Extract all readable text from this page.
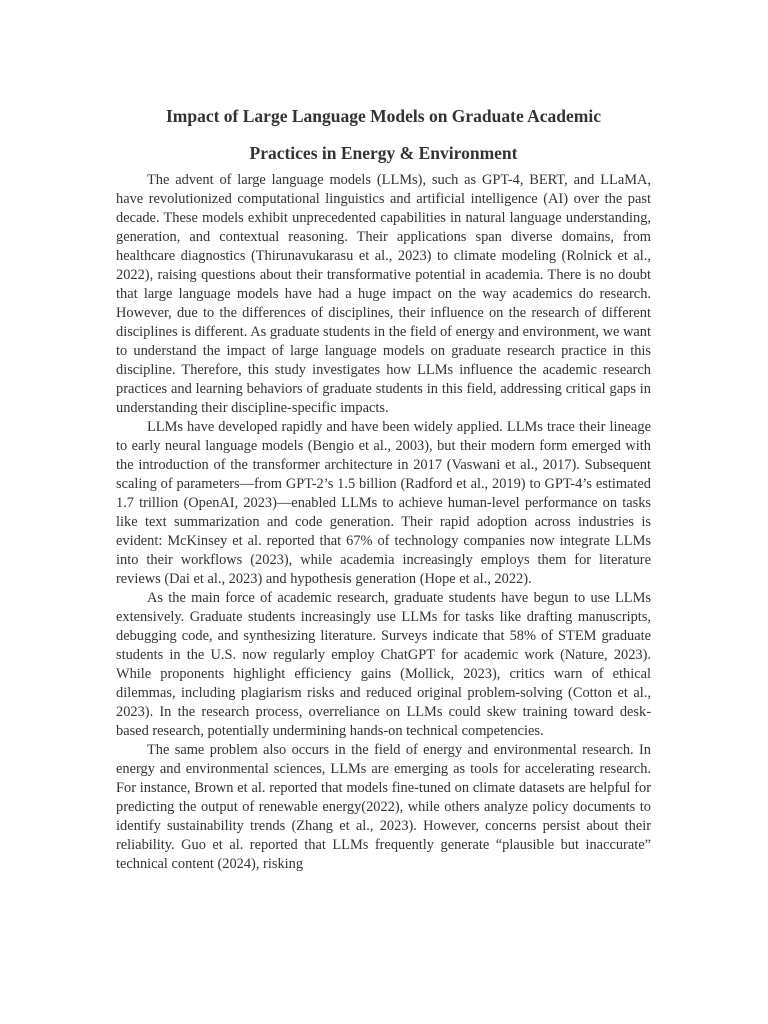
Impact of Large Language Models on Graduate Academic
Practices in Energy & Environment

The advent of large language models (LLMs), such as GPT-4, BERT, and LLaMA, have revolutionized computational linguistics and artificial intelligence (AI) over the past decade. These models exhibit unprecedented capabilities in natural language understanding, generation, and contextual reasoning. Their applications span diverse domains, from healthcare diagnostics (Thirunavukarasu et al., 2023) to climate modeling (Rolnick et al., 2022), raising questions about their transformative potential in academia. There is no doubt that large language models have had a huge impact on the way academics do research. However, due to the differences of disciplines, their influence on the research of different disciplines is different. As graduate students in the field of energy and environment, we want to understand the impact of large language models on graduate research practice in this discipline. Therefore, this study investigates how LLMs influence the academic research practices and learning behaviors of graduate students in this field, addressing critical gaps in understanding their discipline-specific impacts.

LLMs have developed rapidly and have been widely applied. LLMs trace their lineage to early neural language models (Bengio et al., 2003), but their modern form emerged with the introduction of the transformer architecture in 2017 (Vaswani et al., 2017). Subsequent scaling of parameters—from GPT-2’s 1.5 billion (Radford et al., 2019) to GPT-4’s estimated 1.7 trillion (OpenAI, 2023)—enabled LLMs to achieve human-level performance on tasks like text summarization and code generation. Their rapid adoption across industries is evident: McKinsey et al. reported that 67% of technology companies now integrate LLMs into their workflows (2023), while academia increasingly employs them for literature reviews (Dai et al., 2023) and hypothesis generation (Hope et al., 2022).

As the main force of academic research, graduate students have begun to use LLMs extensively. Graduate students increasingly use LLMs for tasks like drafting manuscripts, debugging code, and synthesizing literature. Surveys indicate that 58% of STEM graduate students in the U.S. now regularly employ ChatGPT for academic work (Nature, 2023). While proponents highlight efficiency gains (Mollick, 2023), critics warn of ethical dilemmas, including plagiarism risks and reduced original problem-solving (Cotton et al., 2023). In the research process, overreliance on LLMs could skew training toward desk-based research, potentially undermining hands-on technical competencies.

The same problem also occurs in the field of energy and environmental research. In energy and environmental sciences, LLMs are emerging as tools for accelerating research. For instance, Brown et al. reported that models fine-tuned on climate datasets are helpful for predicting the output of renewable energy(2022), while others analyze policy documents to identify sustainability trends (Zhang et al., 2023). However, concerns persist about their reliability. Guo et al. reported that LLMs frequently generate “plausible but inaccurate” technical content (2024), risking
